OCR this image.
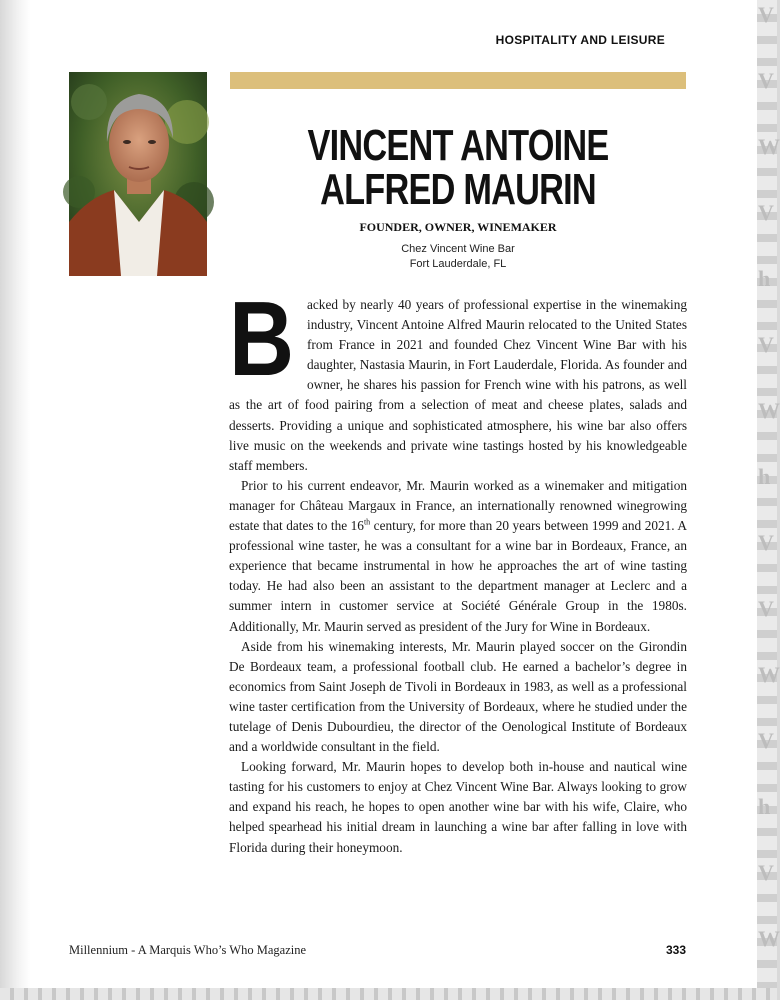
HOSPITALITY AND LEISURE
VINCENT ANTOINE
ALFRED MAURIN
FOUNDER, OWNER, WINEMAKER
Chez Vincent Wine Bar
Fort Lauderdale, FL

Backed by nearly 40 years of professional expertise in the winemaking industry, Vincent Antoine Alfred Maurin relocated to the United States from France in 2021 and founded Chez Vincent Wine Bar with his daughter, Nastasia Maurin, in Fort Lauderdale, Florida. As founder and owner, he shares his passion for French wine with his patrons, as well as the art of food pairing from a selection of meat and cheese plates, salads and desserts. Providing a unique and sophisticated atmosphere, his wine bar also offers live music on the weekends and private wine tastings hosted by his knowledgeable staff members.

Prior to his current endeavor, Mr. Maurin worked as a winemaker and mitigation manager for Château Margaux in France, an internationally renowned winegrowing estate that dates to the 16th century, for more than 20 years between 1999 and 2021. A professional wine taster, he was a consultant for a wine bar in Bordeaux, France, an experience that became instrumental in how he approaches the art of wine tasting today. He had also been an assistant to the department manager at Leclerc and a summer intern in customer service at Société Générale Group in the 1980s. Additionally, Mr. Maurin served as president of the Jury for Wine in Bordeaux.

Aside from his winemaking interests, Mr. Maurin played soccer on the Girondin De Bordeaux team, a professional football club. He earned a bachelor’s degree in economics from Saint Joseph de Tivoli in Bordeaux in 1983, as well as a professional wine taster certification from the University of Bordeaux, where he studied under the tutelage of Denis Dubourdieu, the director of the Oenological Institute of Bordeaux and a worldwide consultant in the field.

Looking forward, Mr. Maurin hopes to develop both in-house and nautical wine tasting for his customers to enjoy at Chez Vincent Wine Bar. Always looking to grow and expand his reach, he hopes to open another wine bar with his wife, Claire, who helped spearhead his initial dream in launching a wine bar after falling in love with Florida during their honeymoon.

Millennium - A Marquis Who’s Who Magazine	333
V
V
W
V
h
V
W
h
V
V
W
V
h
V
W
